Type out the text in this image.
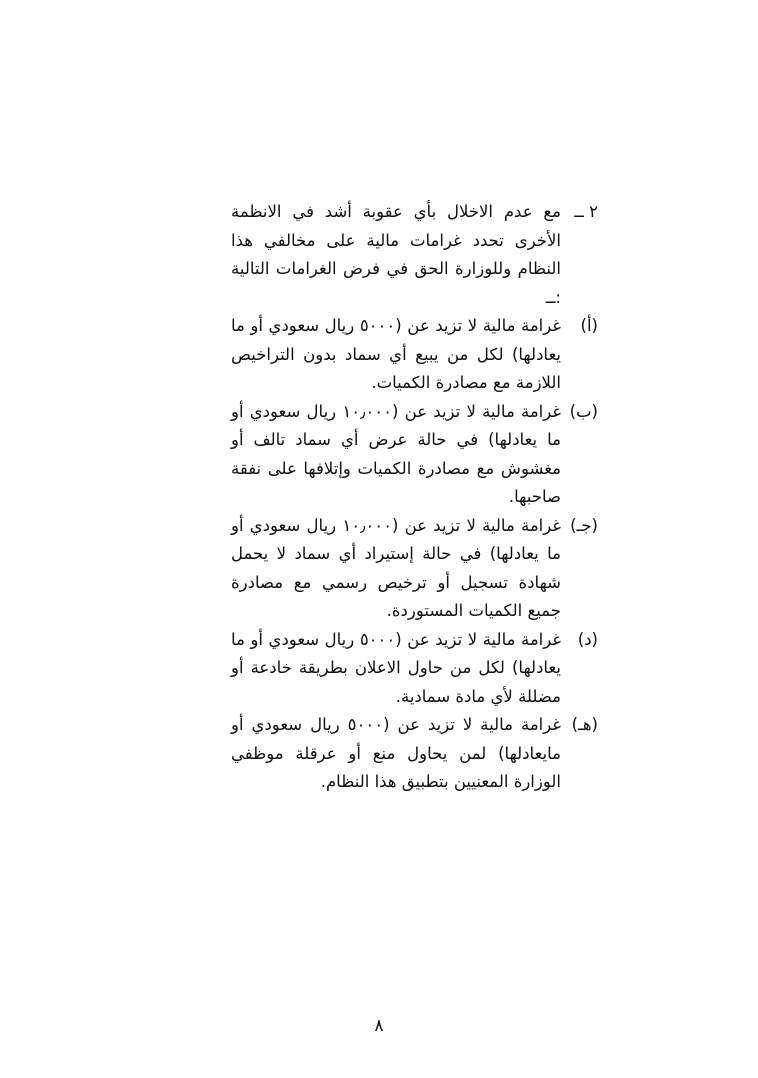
٢ ــ
مع عدم الاخلال بأي عقوبة أشد في الانظمة الأخرى تحدد غرامات مالية على مخالفي هذا النظام وللوزارة الحق في فرض الغرامات التالية :ــ
(أ)
غرامة مالية لا تزيد عن (٥٠٠٠ ريال سعودي أو ما يعادلها) لكل من يبيع أي سماد بدون التراخيص اللازمة مع مصادرة الكميات.
(ب)
غرامة مالية لا تزيد عن (١٠٫٠٠٠ ريال سعودي أو ما يعادلها) في حالة عرض أي سماد تالف أو مغشوش مع مصادرة الكميات وإتلافها على نفقة صاحبها.
(جـ)
غرامة مالية لا تزيد عن (١٠٫٠٠٠ ريال سعودي أو ما يعادلها) في حالة إستيراد أي سماد لا يحمل شهادة تسجيل أو ترخيص رسمي مع مصادرة جميع الكميات المستوردة.
(د)
غرامة مالية لا تزيد عن (٥٠٠٠ ريال سعودي أو ما يعادلها) لكل من حاول الاعلان بطريقة خادعة أو مضللة لأي مادة سمادية.
(هـ)
غرامة مالية لا تزيد عن (٥٠٠٠ ريال سعودي أو مايعادلها) لمن يحاول منع أو عرقلة موظفي الوزارة المعنيين بتطبيق هذا النظام.
٨
